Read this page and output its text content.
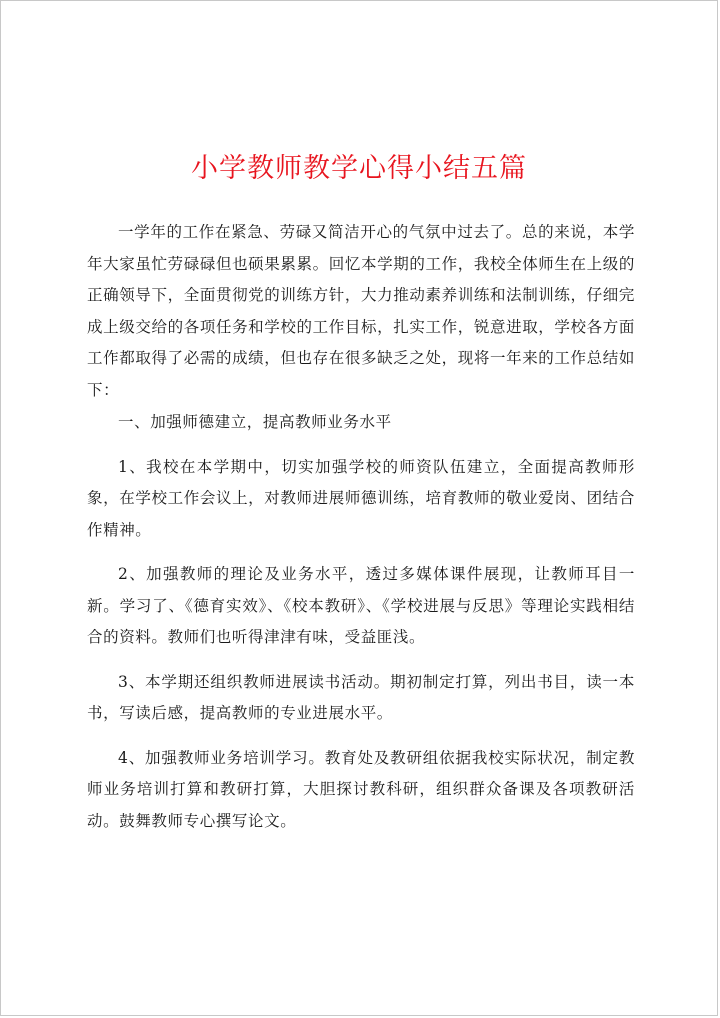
小学教师教学心得小结五篇

一学年的工作在紧急、劳碌又简洁开心的气氛中过去了。总的来说，本学年大家虽忙劳碌碌但也硕果累累。回忆本学期的工作，我校全体师生在上级的正确领导下，全面贯彻党的训练方针，大力推动素养训练和法制训练，仔细完成上级交给的各项任务和学校的工作目标，扎实工作，锐意进取，学校各方面工作都取得了必需的成绩，但也存在很多缺乏之处，现将一年来的工作总结如下：

一、加强师德建立，提高教师业务水平

1、我校在本学期中，切实加强学校的师资队伍建立，全面提高教师形象，在学校工作会议上，对教师进展师德训练，培育教师的敬业爱岗、团结合作精神。

2、加强教师的理论及业务水平，透过多媒体课件展现，让教师耳目一新。学习了、《德育实效》、《校本教研》、《学校进展与反思》等理论实践相结合的资料。教师们也听得津津有味，受益匪浅。

3、本学期还组织教师进展读书活动。期初制定打算，列出书目，读一本书，写读后感，提高教师的专业进展水平。

4、加强教师业务培训学习。教育处及教研组依据我校实际状况，制定教师业务培训打算和教研打算，大胆探讨教科研，组织群众备课及各项教研活动。鼓舞教师专心撰写论文。
